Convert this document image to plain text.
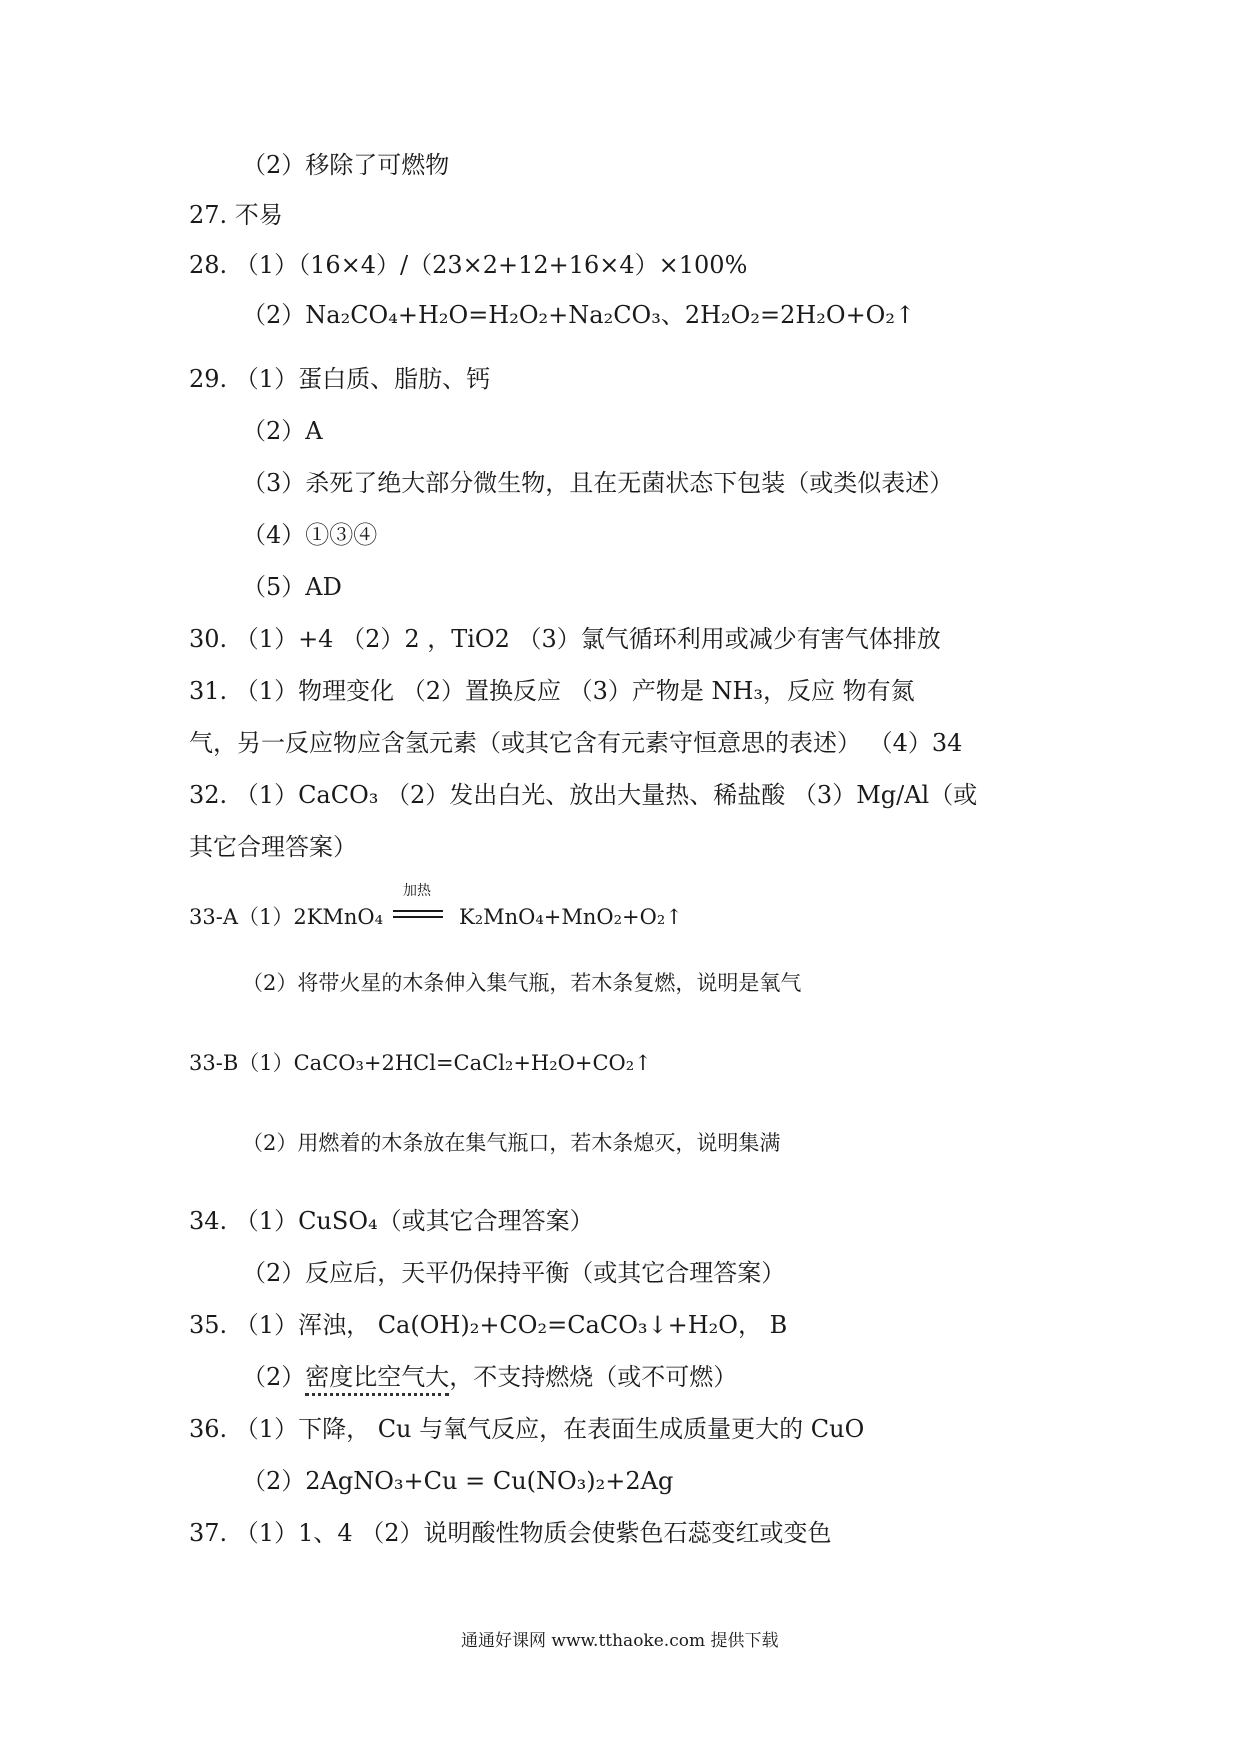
（2）移除了可燃物
27. 不易
28. （1）（16×4）/（23×2+12+16×4）×100%
（2）Na₂CO₄+H₂O=H₂O₂+Na₂CO₃、2H₂O₂=2H₂O+O₂↑
29. （1）蛋白质、脂肪、钙
（2）A
（3）杀死了绝大部分微生物，且在无菌状态下包装（或类似表述）
（4）①③④
（5）AD
30. （1）+4 （2）2 ，TiO2 （3）氯气循环利用或减少有害气体排放
31. （1）物理变化 （2）置换反应 （3）产物是 NH₃，反应 物有氮
气，另一反应物应含氢元素（或其它含有元素守恒意思的表述） （4）34
32. （1）CaCO₃ （2）发出白光、放出大量热、稀盐酸 （3）Mg/Al（或
其它合理答案）
33-A（1）2KMnO₄
加热
K₂MnO₄+MnO₂+O₂↑
（2）将带火星的木条伸入集气瓶，若木条复燃，说明是氧气
33-B（1）CaCO₃+2HCl=CaCl₂+H₂O+CO₂↑
（2）用燃着的木条放在集气瓶口，若木条熄灭，说明集满
34. （1）CuSO₄（或其它合理答案）
（2）反应后，天平仍保持平衡（或其它合理答案）
35. （1）浑浊， Ca(OH)₂+CO₂=CaCO₃↓+H₂O， B
（2）密度比空气大，不支持燃烧（或不可燃）
36. （1）下降， Cu 与氧气反应，在表面生成质量更大的 CuO
（2）2AgNO₃+Cu = Cu(NO₃)₂+2Ag
37. （1）1、4 （2）说明酸性物质会使紫色石蕊变红或变色
通通好课网 www.tthaoke.com 提供下载
